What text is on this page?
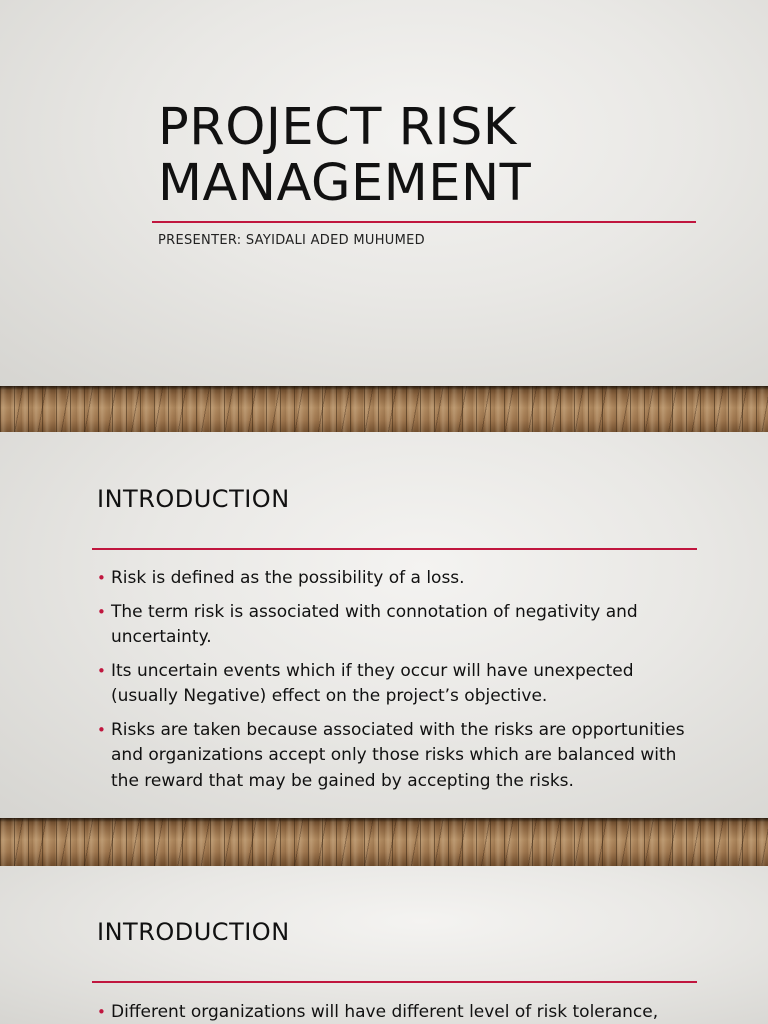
PROJECT RISK MANAGEMENT
PRESENTER: SAYIDALI ADED MUHUMED
INTRODUCTION
• Risk is defined as the possibility of a loss.
• The term risk is associated with connotation of negativity and uncertainty.
• Its uncertain events which if they occur will have unexpected (usually Negative) effect on the project’s objective.
• Risks are taken because associated with the risks are opportunities and organizations accept only those risks which are balanced with the reward that may be gained by accepting the risks.
INTRODUCTION
• Different organizations will have different level of risk tolerance,
